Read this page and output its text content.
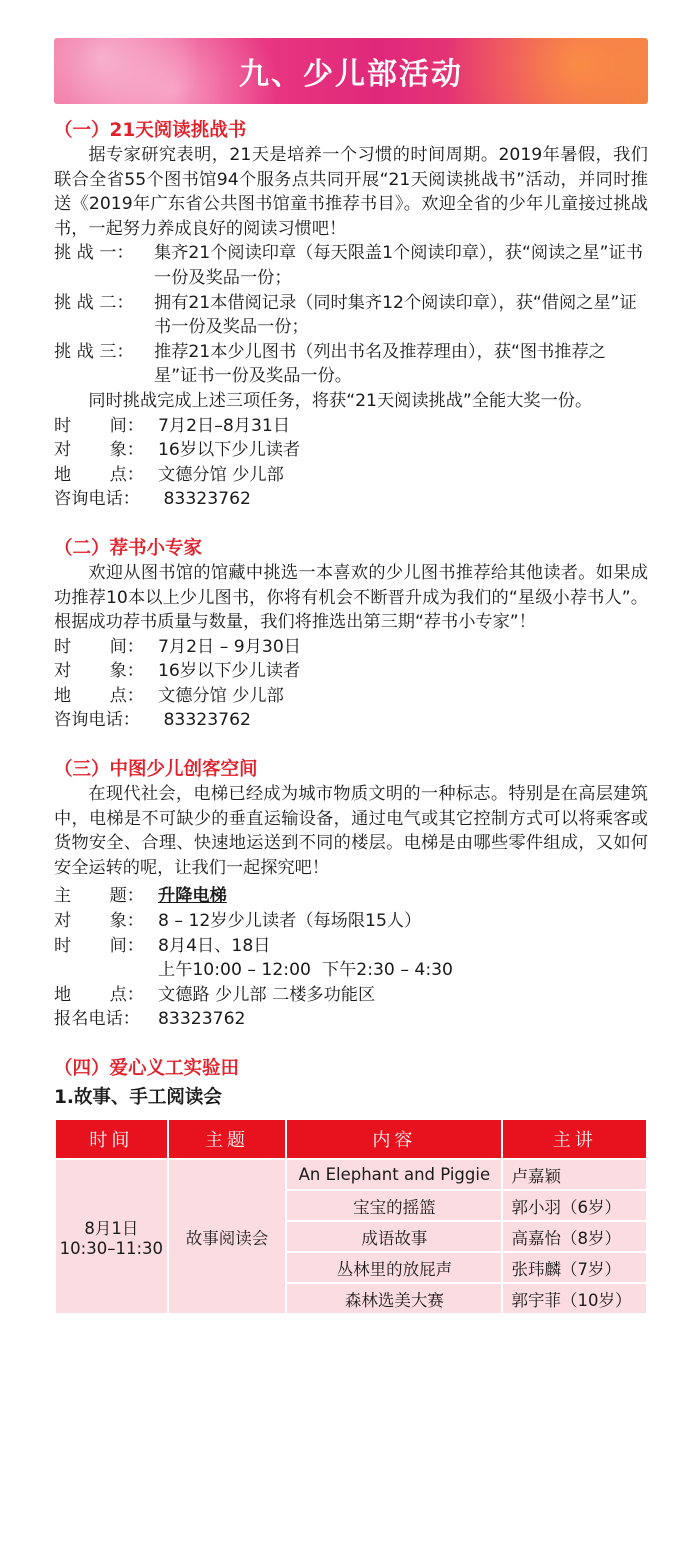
九、少儿部活动
（一）21天阅读挑战书
据专家研究表明，21天是培养一个习惯的时间周期。2019年暑假，我们联合全省55个图书馆94个服务点共同开展“21天阅读挑战书”活动，并同时推送《2019年广东省公共图书馆童书推荐书目》。欢迎全省的少年儿童接过挑战书，一起努力养成良好的阅读习惯吧！
挑 战 一：	集齐21个阅读印章（每天限盖1个阅读印章），获“阅读之星”证书一份及奖品一份；
挑 战 二：	拥有21本借阅记录（同时集齐12个阅读印章），获“借阅之星”证书一份及奖品一份；
挑 战 三：	推荐21本少儿图书（列出书名及推荐理由），获“图书推荐之星”证书一份及奖品一份。
同时挑战完成上述三项任务，将获“21天阅读挑战”全能大奖一份。
时 间： 7月2日–8月31日
对 象： 16岁以下少儿读者
地 点： 文德分馆 少儿部
咨询电话：	83323762
（二）荐书小专家
欢迎从图书馆的馆藏中挑选一本喜欢的少儿图书推荐给其他读者。如果成功推荐10本以上少儿图书，你将有机会不断晋升成为我们的“星级小荐书人”。根据成功荐书质量与数量，我们将推选出第三期“荐书小专家”！
时 间： 7月2日 – 9月30日
对 象： 16岁以下少儿读者
地 点： 文德分馆 少儿部
咨询电话：	83323762
（三）中图少儿创客空间
在现代社会，电梯已经成为城市物质文明的一种标志。特别是在高层建筑中，电梯是不可缺少的垂直运输设备，通过电气或其它控制方式可以将乘客或货物安全、合理、快速地运送到不同的楼层。电梯是由哪些零件组成，又如何安全运转的呢，让我们一起探究吧！
主 题： 升降电梯
对 象： 8 – 12岁少儿读者（每场限15人）
时 间： 8月4日、18日
上午10:00 – 12:00  下午2:30 – 4:30
地 点： 文德路 少儿部 二楼多功能区
报名电话：	83323762
（四）爱心义工实验田
1.故事、手工阅读会
时间	主题	内容	主讲

8月1日
10:30–11:30	故事阅读会	An Elephant and Piggie	卢嘉颖
		宝宝的摇篮	郭小羽（6岁）
		成语故事	高嘉怡（8岁）
		丛林里的放屁声	张玮麟（7岁）
		森林选美大赛	郭宇菲（10岁）
